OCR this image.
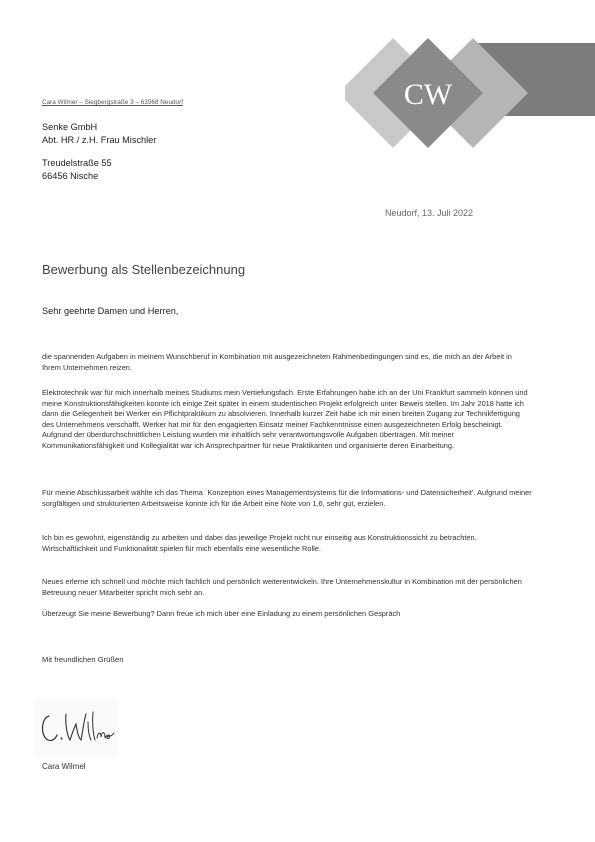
CW
Cara Wilmer – Siegbergstraße 3 – 63568 Neudorf
Senke GmbH
Abt. HR / z.H. Frau Mischler
Treudelstraße 55
66456 Nische
Neudorf, 13. Juli 2022
Bewerbung als Stellenbezeichnung
Sehr geehrte Damen und Herren,

die spannenden Aufgaben in meinem Wunschberuf in Kombination mit ausgezeichneten Rahmenbedingungen sind es, die mich an der Arbeit in Ihrem Unternehmen reizen.

Elektrotechnik war für mich innerhalb meines Studiums mein Vertiefungsfach. Erste Erfahrungen habe ich an der Uni Frankfurt sammeln können und meine Konstruktionsfähigkeiten konnte ich einige Zeit später in einem studentischen Projekt erfolgreich unter Beweis stellen. Im Jahr 2018 hatte ich dann die Gelegenheit bei Werker ein Pflichtpraktikum zu absolvieren. Innerhalb kurzer Zeit habe ich mir einen breiten Zugang zur Technikfertigung des Unternehmens verschafft. Werker hat mir für den engagierten Einsatz meiner Fachkenntnisse einen ausgezeichneten Erfolg bescheinigt. Aufgrund der überdurchschnittlichen Leistung wurden mir inhaltlich sehr verantwortungsvolle Aufgaben übertragen. Mit meiner Kommunikationsfähigkeit und Kollegialität war ich Ansprechpartner für neue Praktikanten und organisierte deren Einarbeitung.

Für meine Abschlussarbeit wählte ich das Thema `Konzeption eines Managementsystems für die Informations- und Datensicherheit'. Aufgrund meiner sorgfältigen und strukturierten Arbeitsweise konnte ich für die Arbeit eine Note von 1,6, sehr gut, erzielen.

Ich bin es gewohnt, eigenständig zu arbeiten und dabei das jeweilige Projekt nicht nur einseitig aus Konstruktionssicht zu betrachten. Wirtschaftlichkeit und Funktionalität spielen für mich ebenfalls eine wesentliche Rolle.

Neues erlerne ich schnell und möchte mich fachlich und persönlich weiterentwickeln. Ihre Unternehmenskultur in Kombination mit der persönlichen Betreuung neuer Mitarbeiter spricht mich sehr an.

Überzeugt Sie meine Bewerbung? Dann freue ich mich über eine Einladung zu einem persönlichen Gespräch

Mit freundlichen Grüßen
Cara Wilmel
